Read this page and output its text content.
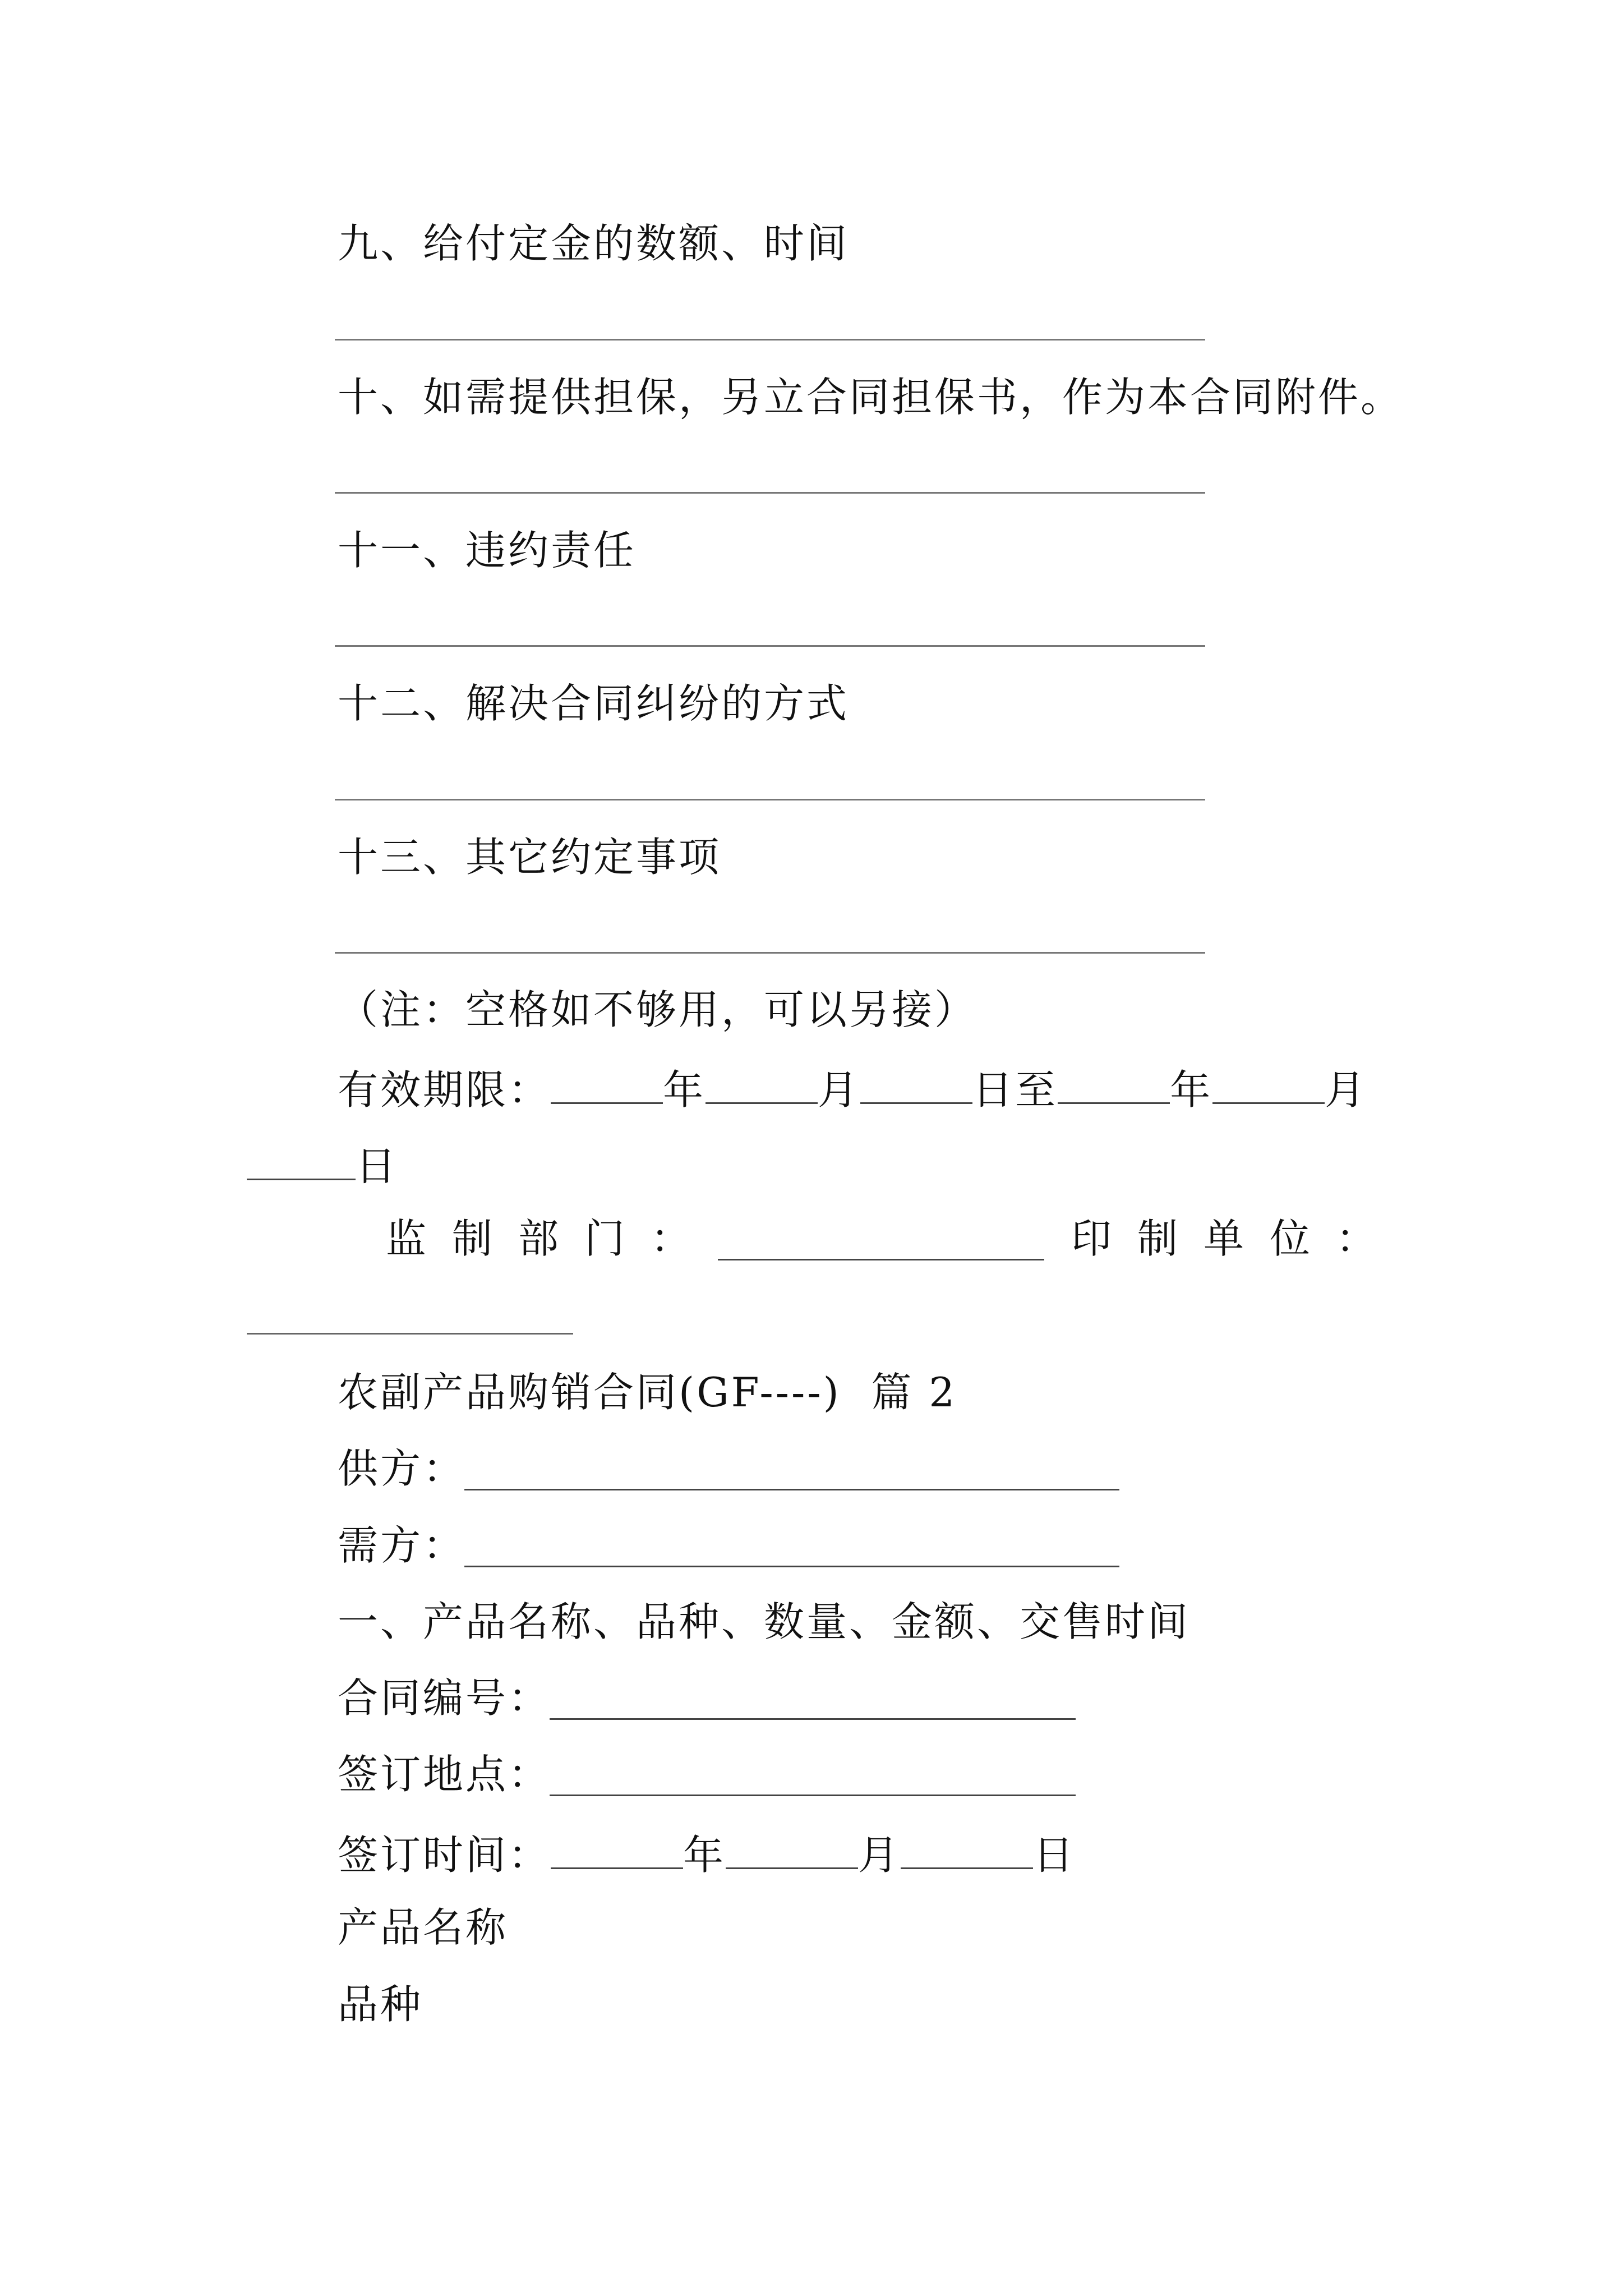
九、给付定金的数额、时间
十、如需提供担保，另立合同担保书，作为本合同附件。
十一、违约责任
十二、解决合同纠纷的方式
十三、其它约定事项
（注：空格如不够用，可以另接）
有效期限：	年	月	日至	年	月
日
监制部门：	印制单位：
农副产品购销合同(GF----)  篇 2
供方：
需方：
一、产品名称、品种、数量、金额、交售时间
合同编号：
签订地点：
签订时间：	年	月	日
产品名称
品种
